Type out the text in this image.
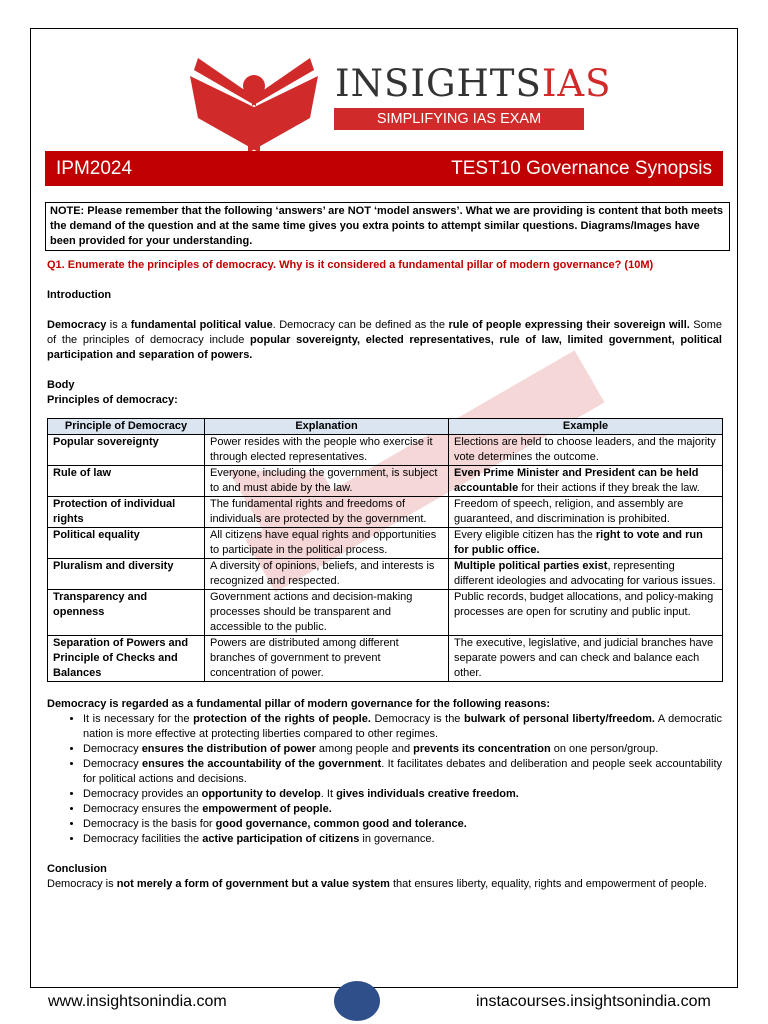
INSIGHTSIAS
SIMPLIFYING IAS EXAM PREPARATION
IPM2024	TEST10 Governance Synopsis
NOTE: Please remember that the following ‘answers’ are NOT ‘model answers’. What we are providing is content that both meets the demand of the question and at the same time gives you extra points to attempt similar questions. Diagrams/Images have been provided for your understanding.

Q1. Enumerate the principles of democracy. Why is it considered a fundamental pillar of modern governance? (10M)

Introduction

Democracy is a fundamental political value. Democracy can be defined as the rule of people expressing their sovereign will. Some of the principles of democracy include popular sovereignty, elected representatives, rule of law, limited government, political participation and separation of powers.

Body

Principles of democracy:

Principle of Democracy	Explanation	Example
Popular sovereignty	Power resides with the people who exercise it through elected representatives.	Elections are held to choose leaders, and the majority vote determines the outcome.
Rule of law	Everyone, including the government, is subject to and must abide by the law.	Even Prime Minister and President can be held accountable for their actions if they break the law.
Protection of individual rights	The fundamental rights and freedoms of individuals are protected by the government.	Freedom of speech, religion, and assembly are guaranteed, and discrimination is prohibited.
Political equality	All citizens have equal rights and opportunities to participate in the political process.	Every eligible citizen has the right to vote and run for public office.
Pluralism and diversity	A diversity of opinions, beliefs, and interests is recognized and respected.	Multiple political parties exist, representing different ideologies and advocating for various issues.
Transparency and openness	Government actions and decision-making processes should be transparent and accessible to the public.	Public records, budget allocations, and policy-making processes are open for scrutiny and public input.
Separation of Powers and Principle of Checks and Balances	Powers are distributed among different branches of government to prevent concentration of power.	The executive, legislative, and judicial branches have separate powers and can check and balance each other.

Democracy is regarded as a fundamental pillar of modern governance for the following reasons:

• It is necessary for the protection of the rights of people. Democracy is the bulwark of personal liberty/freedom. A democratic nation is more effective at protecting liberties compared to other regimes.
• Democracy ensures the distribution of power among people and prevents its concentration on one person/group.
• Democracy ensures the accountability of the government. It facilitates debates and deliberation and people seek accountability for political actions and decisions.
• Democracy provides an opportunity to develop. It gives individuals creative freedom.
• Democracy ensures the empowerment of people.
• Democracy is the basis for good governance, common good and tolerance.
• Democracy facilities the active participation of citizens in governance.

Conclusion

Democracy is not merely a form of government but a value system that ensures liberty, equality, rights and empowerment of people.

www.insightsonindia.com	instacourses.insightsonindia.com
